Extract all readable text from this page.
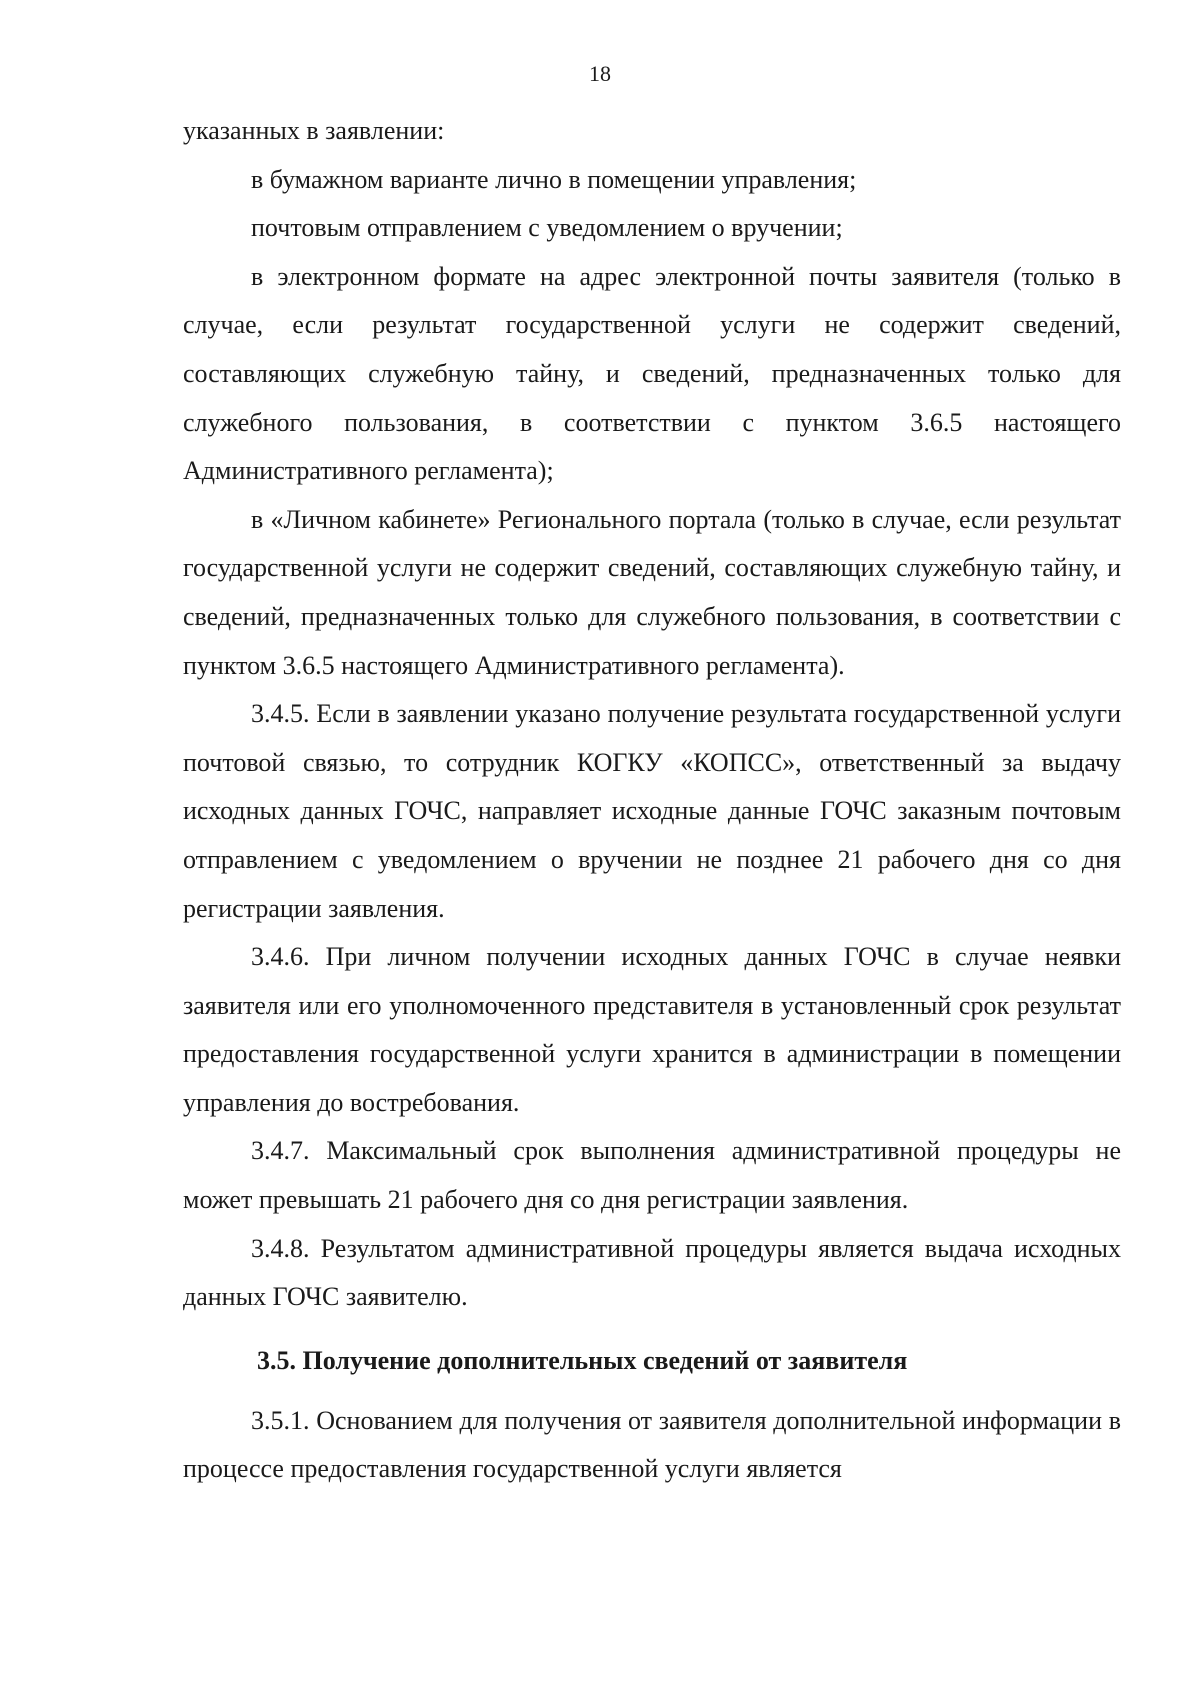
18

указанных в заявлении:

в бумажном варианте лично в помещении управления;

почтовым отправлением с уведомлением о вручении;

в электронном формате на адрес электронной почты заявителя (только в случае, если результат государственной услуги не содержит сведений, составляющих служебную тайну, и сведений, предназначенных только для служебного пользования, в соответствии с пунктом 3.6.5 настоящего Административного регламента);

в «Личном кабинете» Регионального портала (только в случае, если результат государственной услуги не содержит сведений, составляющих служебную тайну, и сведений, предназначенных только для служебного пользования, в соответствии с пунктом 3.6.5 настоящего Административного регламента).

3.4.5. Если в заявлении указано получение результата государственной услуги почтовой связью, то сотрудник КОГКУ «КОПСС», ответственный за выдачу исходных данных ГОЧС, направляет исходные данные ГОЧС заказным почтовым отправлением с уведомлением о вручении не позднее 21 рабочего дня со дня регистрации заявления.

3.4.6. При личном получении исходных данных ГОЧС в случае неявки заявителя или его уполномоченного представителя в установленный срок результат предоставления государственной услуги хранится в администрации в помещении управления до востребования.

3.4.7. Максимальный срок выполнения административной процедуры не может превышать 21 рабочего дня со дня регистрации заявления.

3.4.8. Результатом административной процедуры является выдача исходных данных ГОЧС заявителю.

3.5. Получение дополнительных сведений от заявителя

3.5.1. Основанием для получения от заявителя дополнительной информации в процессе предоставления государственной услуги является
